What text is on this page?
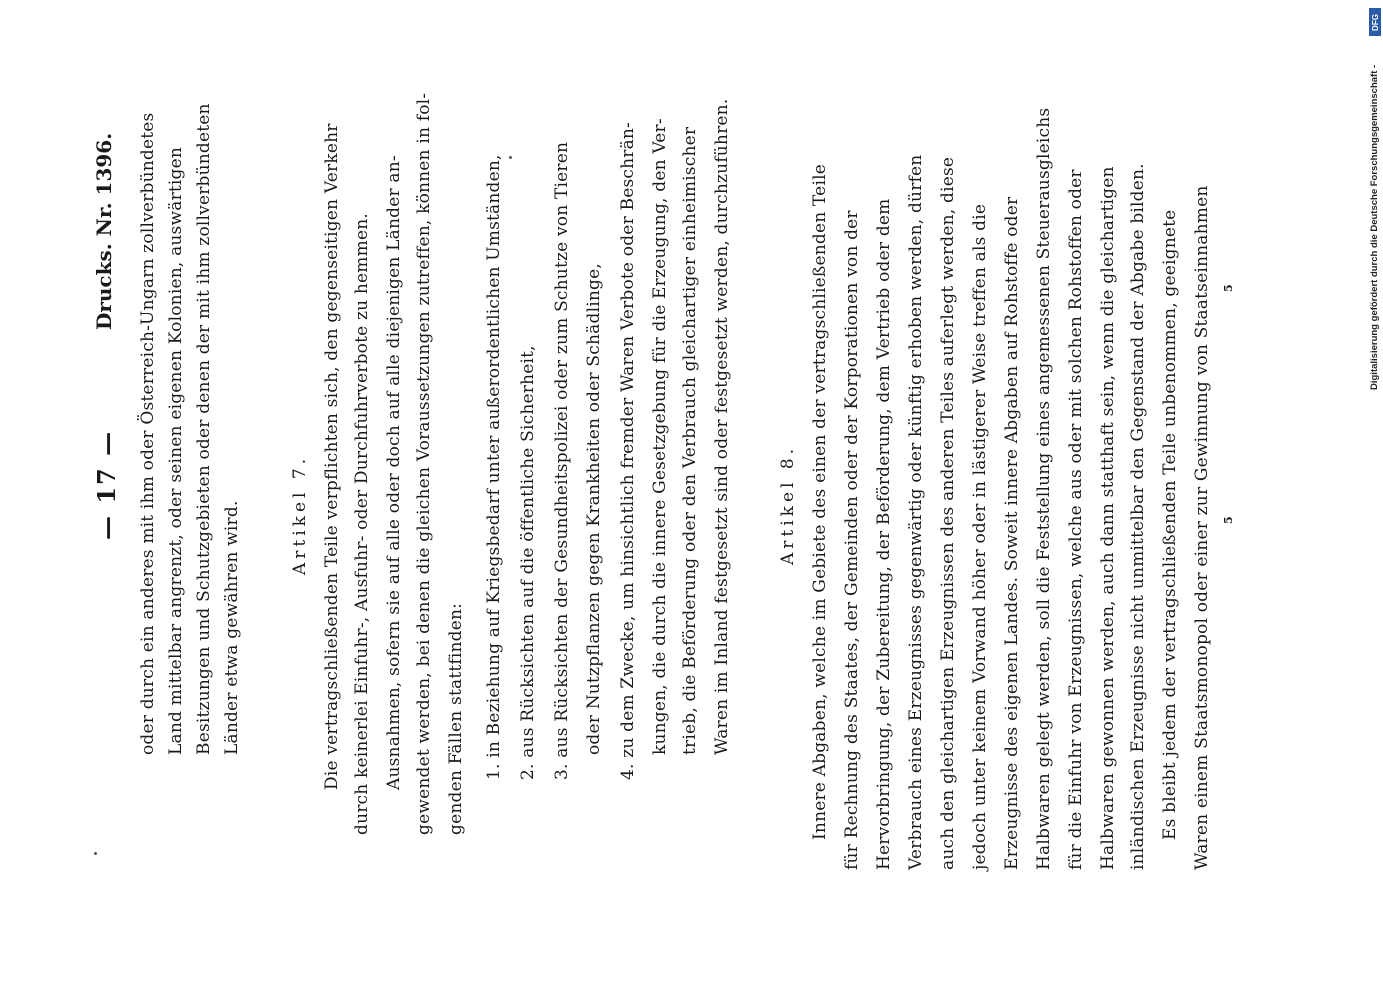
Drucks. Nr. 1396.
— 17 — oder durch ein anderes mit ihm oder Österreich-Ungarn zollverbündetes Land mittelbar angrenzt, oder seinen eigenen Kolonien, auswärtigen Besitzungen und Schutzgebieten oder denen der mit ihm zollverbündeten Länder etwa gewähren wird.	Artikel 7. Die vertragschließenden Teile verpflichten sich, den gegenseitigen Verkehr durch keinerlei Einfuhr-, Ausfuhr- oder Durchfuhrverbote zu hemmen. Ausnahmen, sofern sie auf alle oder doch auf alle diejenigen Länder an- gewendet werden, bei denen die gleichen Voraussetzungen zutreffen, können in fol- genden Fällen stattfinden: 1. in Beziehung auf Kriegsbedarf unter außerordentlichen Umständen, 2. aus Rücksichten auf die öffentliche Sicherheit, 3. aus Rücksichten der Gesundheitspolizei oder zum Schutze von Tieren oder Nutzpflanzen gegen Krankheiten oder Schädlinge, 4. zu dem Zwecke, um hinsichtlich fremder Waren Verbote oder Beschrän- kungen, die durch die innere Gesetzgebung für die Erzeugung, den Ver- trieb, die Beförderung oder den Verbrauch gleichartiger einheimischer Waren im Inland festgesetzt sind oder festgesetzt werden, durchzuführen.	Artikel 8. Innere Abgaben, welche im Gebiete des einen der vertragschließenden Teile für Rechnung des Staates, der Gemeinden oder der Korporationen von der Hervorbringung, der Zubereitung, der Beförderung, dem Vertrieb oder dem Verbrauch eines Erzeugnisses gegenwärtig oder künftig erhoben werden, dürfen auch den gleichartigen Erzeugnissen des anderen Teiles auferlegt werden, diese jedoch unter keinem Vorwand höher oder in lästigerer Weise treffen als die Erzeugnisse des eigenen Landes. Soweit innere Abgaben auf Rohstoffe oder Halbwaren gelegt werden, soll die Feststellung eines angemessenen Steuerausgleichs für die Einfuhr von Erzeugnissen, welche aus oder mit solchen Rohstoffen oder Halbwaren gewonnen werden, auch dann statthaft sein, wenn die gleichartigen inländischen Erzeugnisse nicht unmittelbar den Gegenstand der Abgabe bilden. Es bleibt jedem der vertragschließenden Teile unbenommen, geeignete Waren einem Staatsmonopol oder einer zur Gewinnung von Staatseinnahmen 5
5
DFG
Digitalisierung gefördert durch die Deutsche Forschungsgemeinschaft -
